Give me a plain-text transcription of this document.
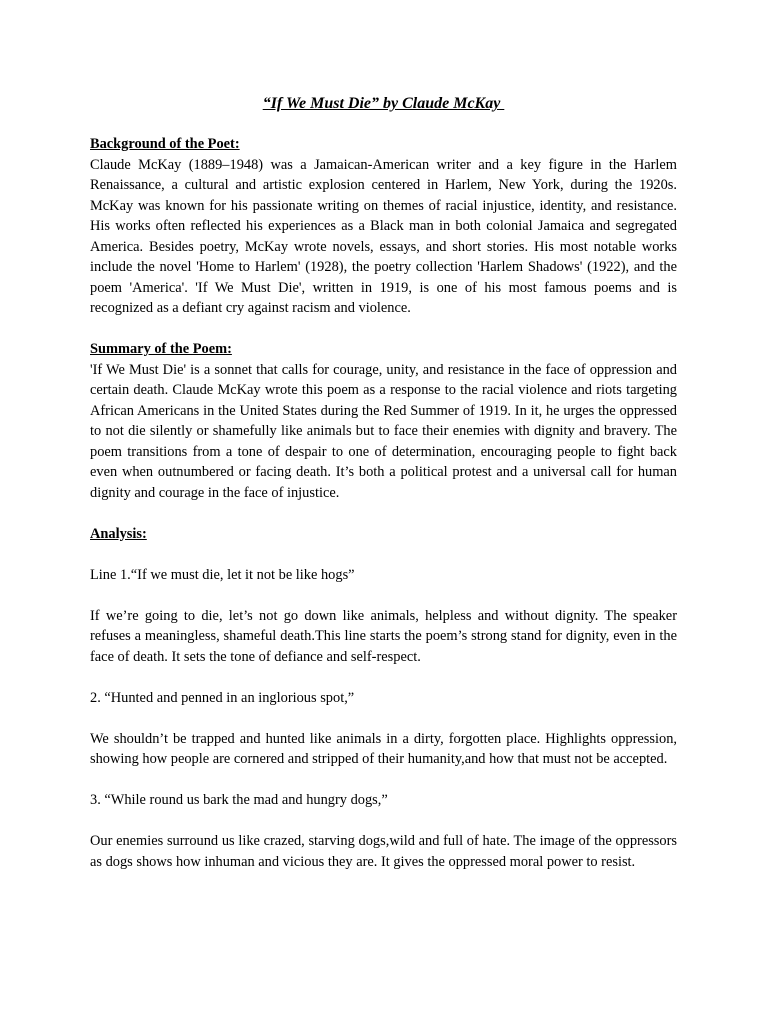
“If We Must Die” by Claude McKay
Background of the Poet:
Claude McKay (1889–1948) was a Jamaican-American writer and a key figure in the Harlem Renaissance, a cultural and artistic explosion centered in Harlem, New York, during the 1920s. McKay was known for his passionate writing on themes of racial injustice, identity, and resistance. His works often reflected his experiences as a Black man in both colonial Jamaica and segregated America. Besides poetry, McKay wrote novels, essays, and short stories. His most notable works include the novel 'Home to Harlem' (1928), the poetry collection 'Harlem Shadows' (1922), and the poem 'America'. 'If We Must Die', written in 1919, is one of his most famous poems and is recognized as a defiant cry against racism and violence.
Summary of the Poem:
'If We Must Die' is a sonnet that calls for courage, unity, and resistance in the face of oppression and certain death. Claude McKay wrote this poem as a response to the racial violence and riots targeting African Americans in the United States during the Red Summer of 1919. In it, he urges the oppressed to not die silently or shamefully like animals but to face their enemies with dignity and bravery. The poem transitions from a tone of despair to one of determination, encouraging people to fight back even when outnumbered or facing death. It’s both a political protest and a universal call for human dignity and courage in the face of injustice.
Analysis:
Line 1.“If we must die, let it not be like hogs”
If we’re going to die, let’s not go down like animals, helpless and without dignity. The speaker refuses a meaningless, shameful death.This line starts the poem’s strong stand for dignity, even in the face of death. It sets the tone of defiance and self-respect.
2. “Hunted and penned in an inglorious spot,”
We shouldn’t be trapped and hunted like animals in a dirty, forgotten place. Highlights oppression, showing how people are cornered and stripped of their humanity,and how that must not be accepted.
3. “While round us bark the mad and hungry dogs,”
Our enemies surround us like crazed, starving dogs,wild and full of hate. The image of the oppressors as dogs shows how inhuman and vicious they are. It gives the oppressed moral power to resist.
